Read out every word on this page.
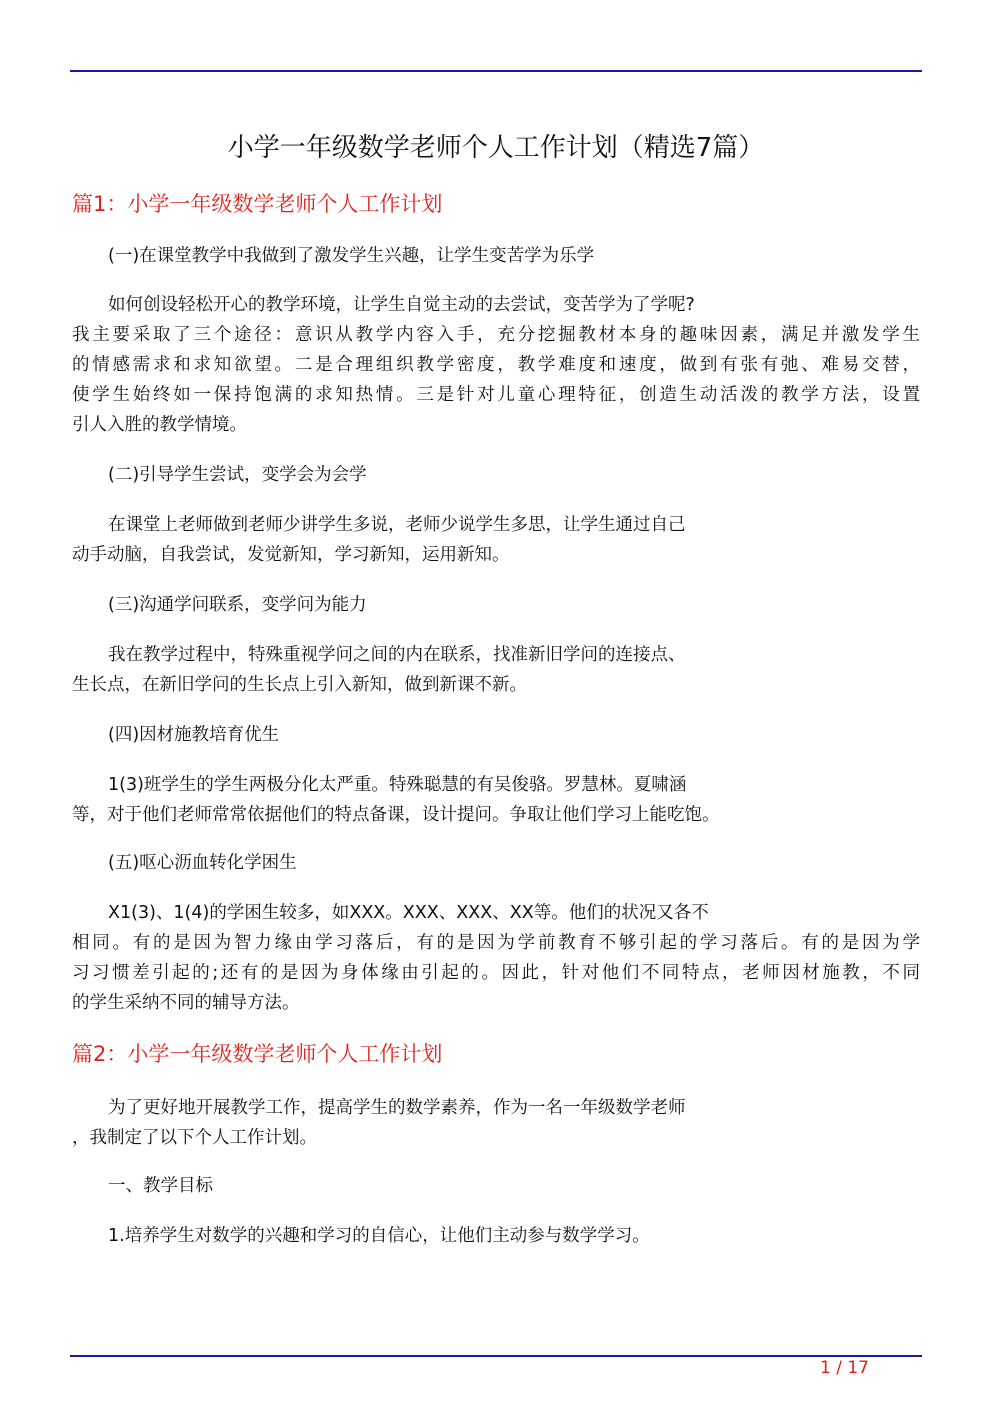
小学一年级数学老师个人工作计划（精选7篇）
篇1：小学一年级数学老师个人工作计划
(一)在课堂教学中我做到了激发学生兴趣，让学生变苦学为乐学
如何创设轻松开心的教学环境，让学生自觉主动的去尝试，变苦学为了学呢?
我主要采取了三个途径：意识从教学内容入手，充分挖掘教材本身的趣味因素，满足并激发学生
的情感需求和求知欲望。二是合理组织教学密度，教学难度和速度，做到有张有弛、难易交替，
使学生始终如一保持饱满的求知热情。三是针对儿童心理特征，创造生动活泼的教学方法，设置
引人入胜的教学情境。
(二)引导学生尝试，变学会为会学
在课堂上老师做到老师少讲学生多说，老师少说学生多思，让学生通过自己
动手动脑，自我尝试，发觉新知，学习新知，运用新知。
(三)沟通学问联系，变学问为能力
我在教学过程中，特殊重视学问之间的内在联系，找准新旧学问的连接点、
生长点，在新旧学问的生长点上引入新知，做到新课不新。
(四)因材施教培育优生
1(3)班学生的学生两极分化太严重。特殊聪慧的有吴俊骆。罗慧林。夏啸涵
等，对于他们老师常常依据他们的特点备课，设计提问。争取让他们学习上能吃饱。
(五)呕心沥血转化学困生
X1(3)、1(4)的学困生较多，如XXX。XXX、XXX、XX等。他们的状况又各不
相同。有的是因为智力缘由学习落后，有的是因为学前教育不够引起的学习落后。有的是因为学
习习惯差引起的;还有的是因为身体缘由引起的。因此，针对他们不同特点，老师因材施教，不同
的学生采纳不同的辅导方法。
篇2：小学一年级数学老师个人工作计划
为了更好地开展教学工作，提高学生的数学素养，作为一名一年级数学老师
，我制定了以下个人工作计划。
一、教学目标
1.培养学生对数学的兴趣和学习的自信心，让他们主动参与数学学习。
1 / 17
